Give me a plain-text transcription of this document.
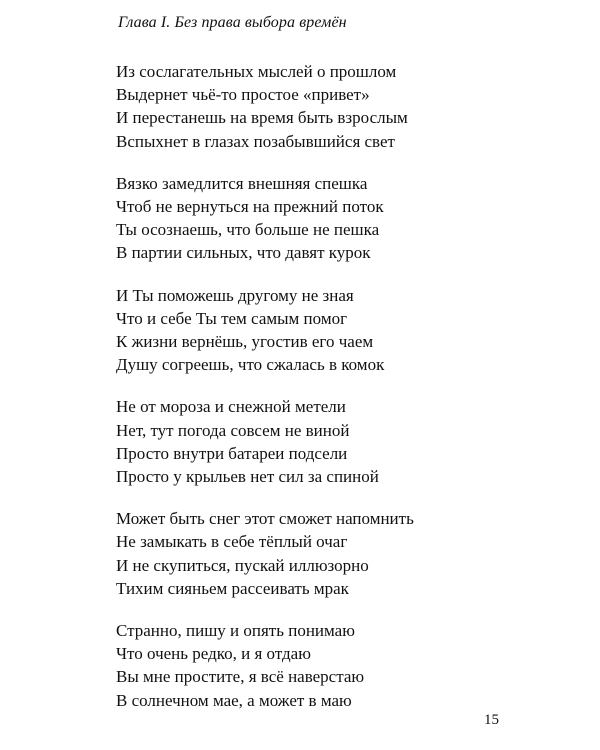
Глава I. Без права выбора времён
Из сослагательных мыслей о прошлом
Выдернет чьё-то простое «привет»
И перестанешь на время быть взрослым
Вспыхнет в глазах позабывшийся свет
Вязко замедлится внешняя спешка
Чтоб не вернуться на прежний поток
Ты осознаешь, что больше не пешка
В партии сильных, что давят курок
И Ты поможешь другому не зная
Что и себе Ты тем самым помог
К жизни вернёшь, угостив его чаем
Душу согреешь, что сжалась в комок
Не от мороза и снежной метели
Нет, тут погода совсем не виной
Просто внутри батареи подсели
Просто у крыльев нет сил за спиной
Может быть снег этот сможет напомнить
Не замыкать в себе тёплый очаг
И не скупиться, пускай иллюзорно
Тихим сияньем рассеивать мрак
Странно, пишу и опять понимаю
Что очень редко, и я отдаю
Вы мне простите, я всё наверстаю
В солнечном мае, а может в маю
15
